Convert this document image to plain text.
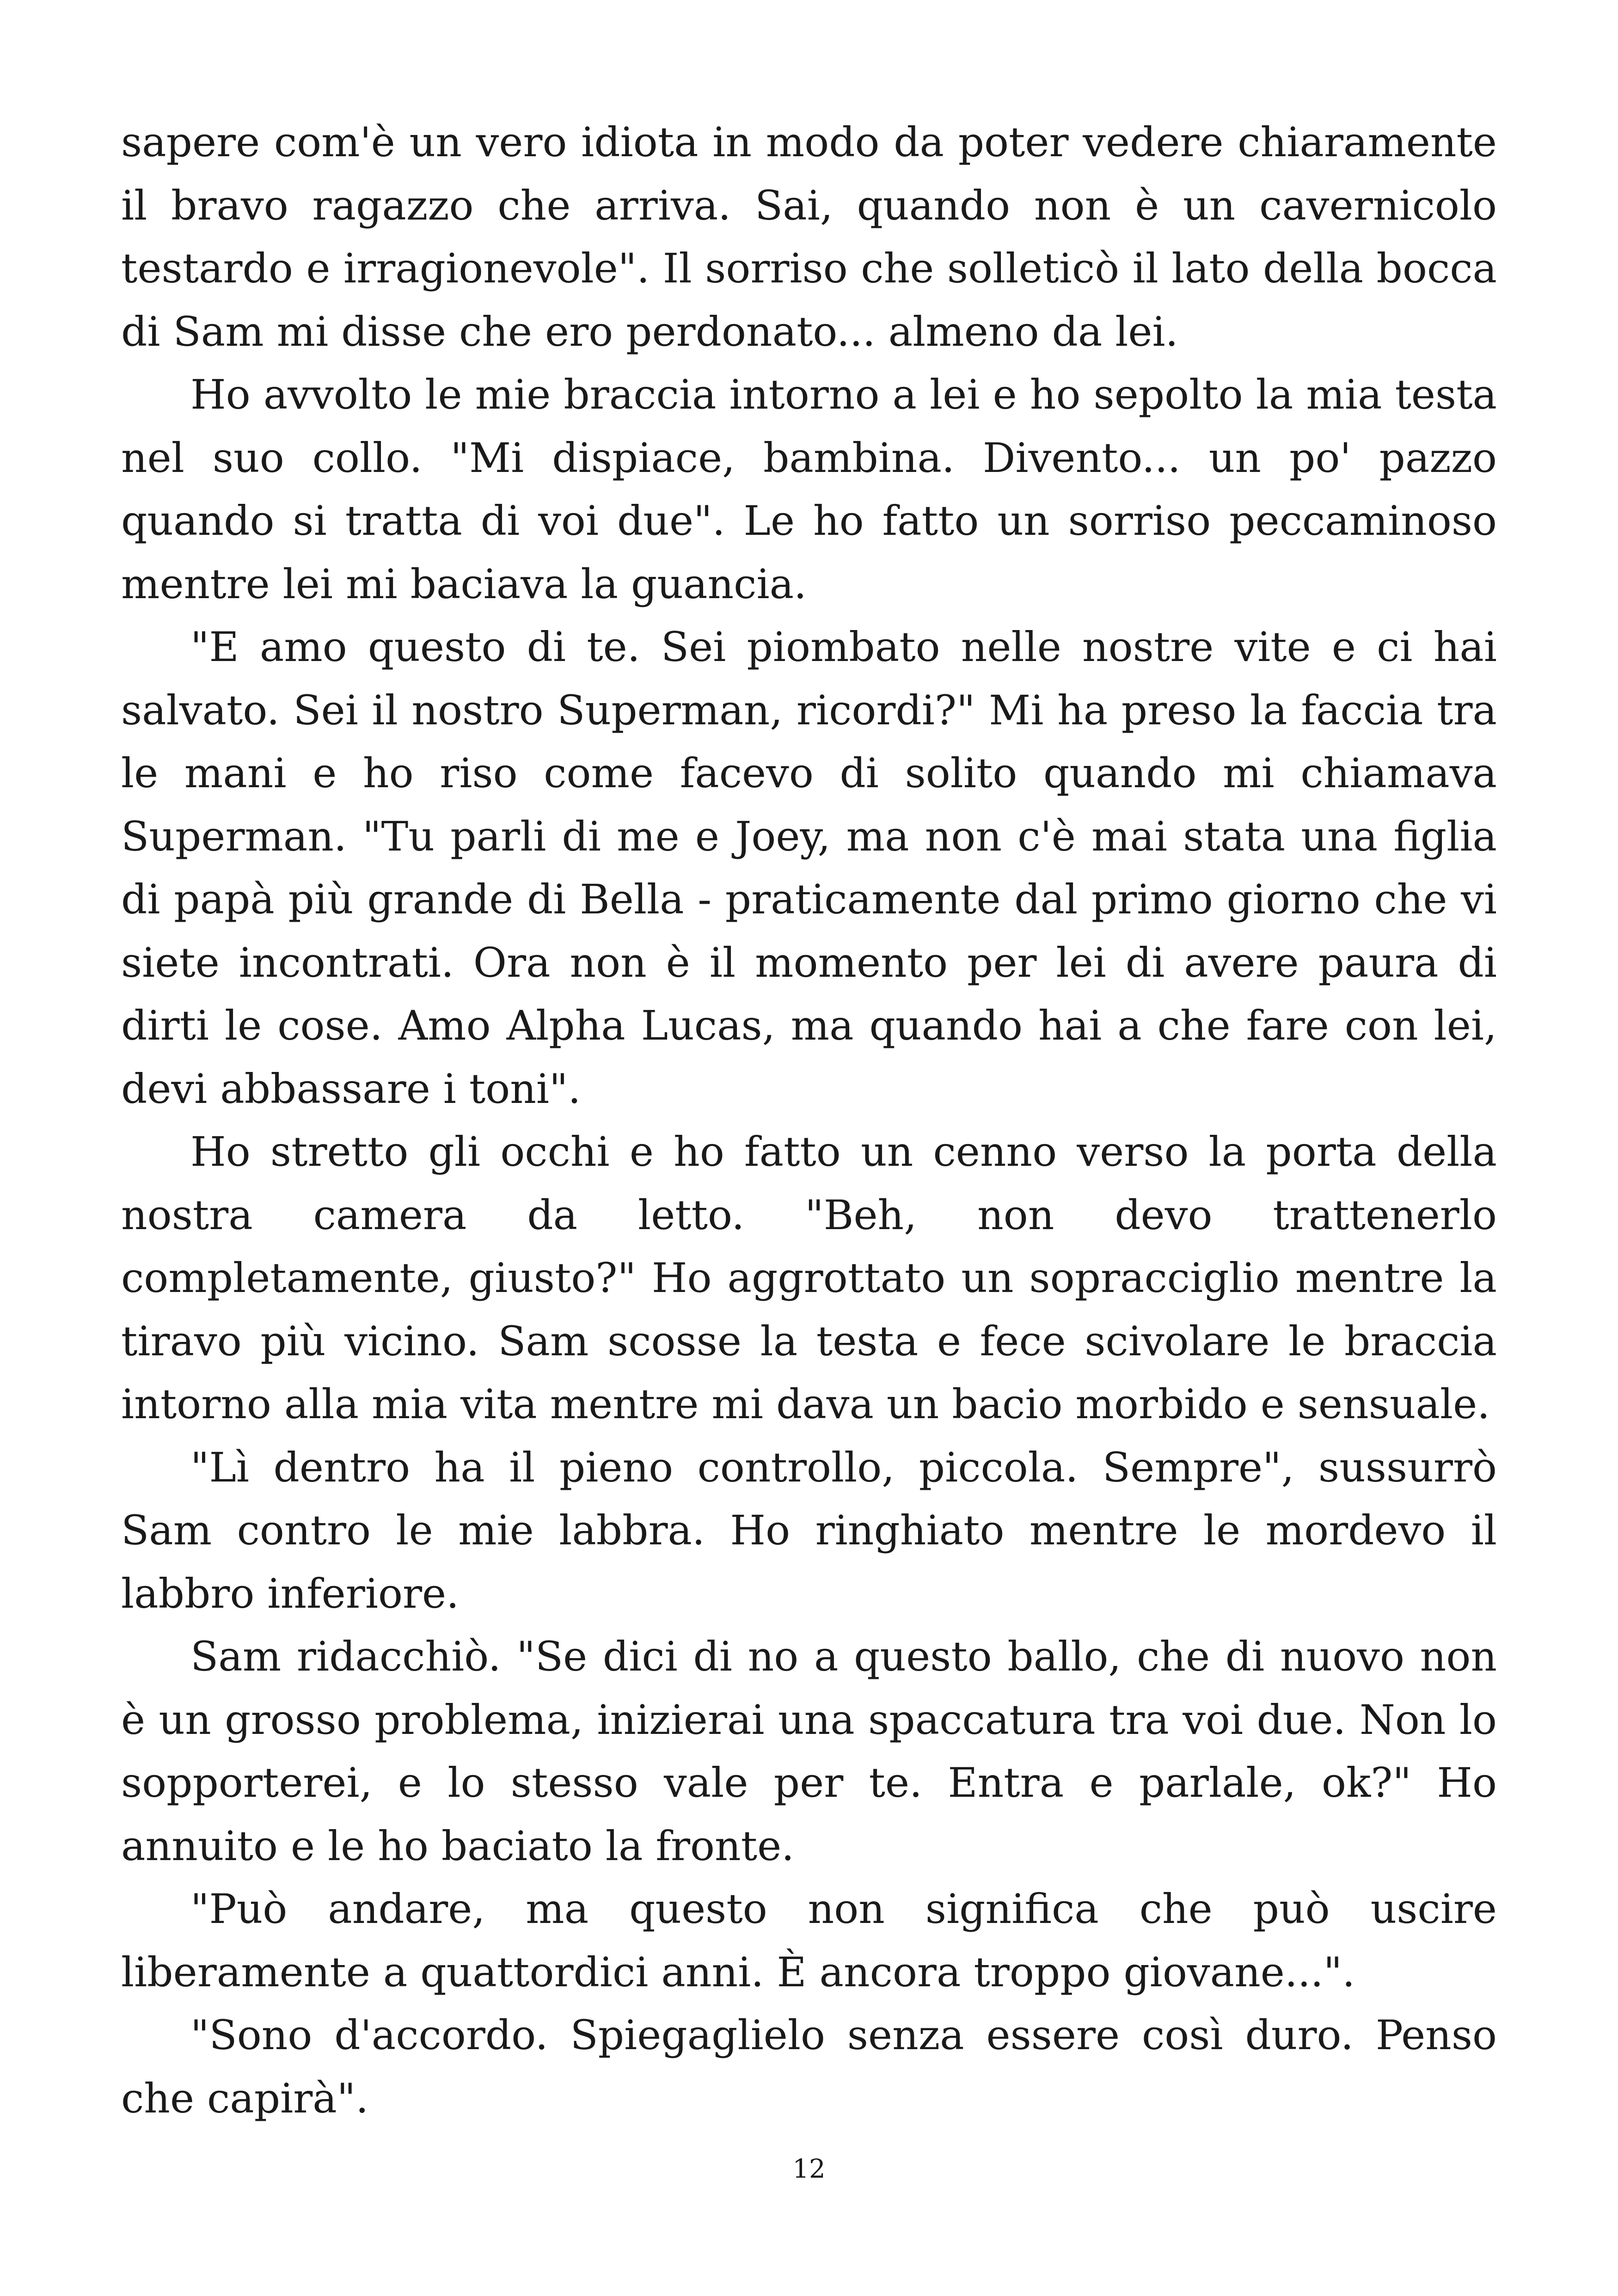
sapere com'è un vero idiota in modo da poter vedere chiaramente il bravo ragazzo che arriva. Sai, quando non è un cavernicolo testardo e irragionevole". Il sorriso che solleticò il lato della bocca di Sam mi disse che ero perdonato... almeno da lei.

Ho avvolto le mie braccia intorno a lei e ho sepolto la mia testa nel suo collo. "Mi dispiace, bambina. Divento... un po' pazzo quando si tratta di voi due". Le ho fatto un sorriso peccaminoso mentre lei mi baciava la guancia.

"E amo questo di te. Sei piombato nelle nostre vite e ci hai salvato. Sei il nostro Superman, ricordi?" Mi ha preso la faccia tra le mani e ho riso come facevo di solito quando mi chiamava Superman. "Tu parli di me e Joey, ma non c'è mai stata una figlia di papà più grande di Bella - praticamente dal primo giorno che vi siete incontrati. Ora non è il momento per lei di avere paura di dirti le cose. Amo Alpha Lucas, ma quando hai a che fare con lei, devi abbassare i toni".

Ho stretto gli occhi e ho fatto un cenno verso la porta della nostra camera da letto. "Beh, non devo trattenerlo completamente, giusto?" Ho aggrottato un sopracciglio mentre la tiravo più vicino. Sam scosse la testa e fece scivolare le braccia intorno alla mia vita mentre mi dava un bacio morbido e sensuale.

"Lì dentro ha il pieno controllo, piccola. Sempre", sussurrò Sam contro le mie labbra. Ho ringhiato mentre le mordevo il labbro inferiore.

Sam ridacchiò. "Se dici di no a questo ballo, che di nuovo non è un grosso problema, inizierai una spaccatura tra voi due. Non lo sopporterei, e lo stesso vale per te. Entra e parlale, ok?" Ho annuito e le ho baciato la fronte.

"Può andare, ma questo non significa che può uscire liberamente a quattordici anni. È ancora troppo giovane...".

"Sono d'accordo. Spiegaglielo senza essere così duro. Penso che capirà".

12
